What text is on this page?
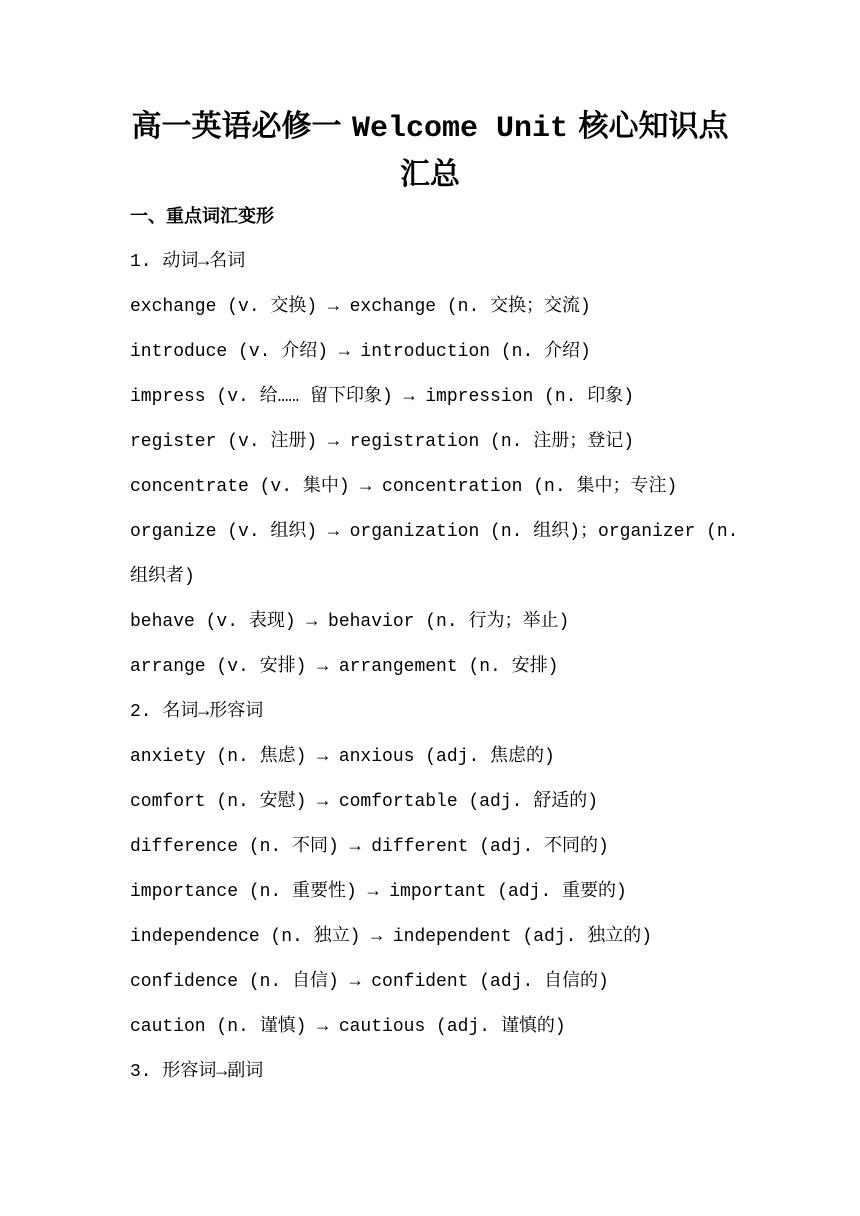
高一英语必修一 Welcome Unit 核心知识点
汇总
一、重点词汇变形
1. 动词→名词
exchange (v. 交换) → exchange (n. 交换；交流)
introduce (v. 介绍) → introduction (n. 介绍)
impress (v. 给…… 留下印象) → impression (n. 印象)
register (v. 注册) → registration (n. 注册；登记)
concentrate (v. 集中) → concentration (n. 集中；专注)
organize (v. 组织) → organization (n. 组织)；organizer (n.
组织者)
behave (v. 表现) → behavior (n. 行为；举止)
arrange (v. 安排) → arrangement (n. 安排)
2. 名词→形容词
anxiety (n. 焦虑) → anxious (adj. 焦虑的)
comfort (n. 安慰) → comfortable (adj. 舒适的)
difference (n. 不同) → different (adj. 不同的)
importance (n. 重要性) → important (adj. 重要的)
independence (n. 独立) → independent (adj. 独立的)
confidence (n. 自信) → confident (adj. 自信的)
caution (n. 谨慎) → cautious (adj. 谨慎的)
3. 形容词→副词
